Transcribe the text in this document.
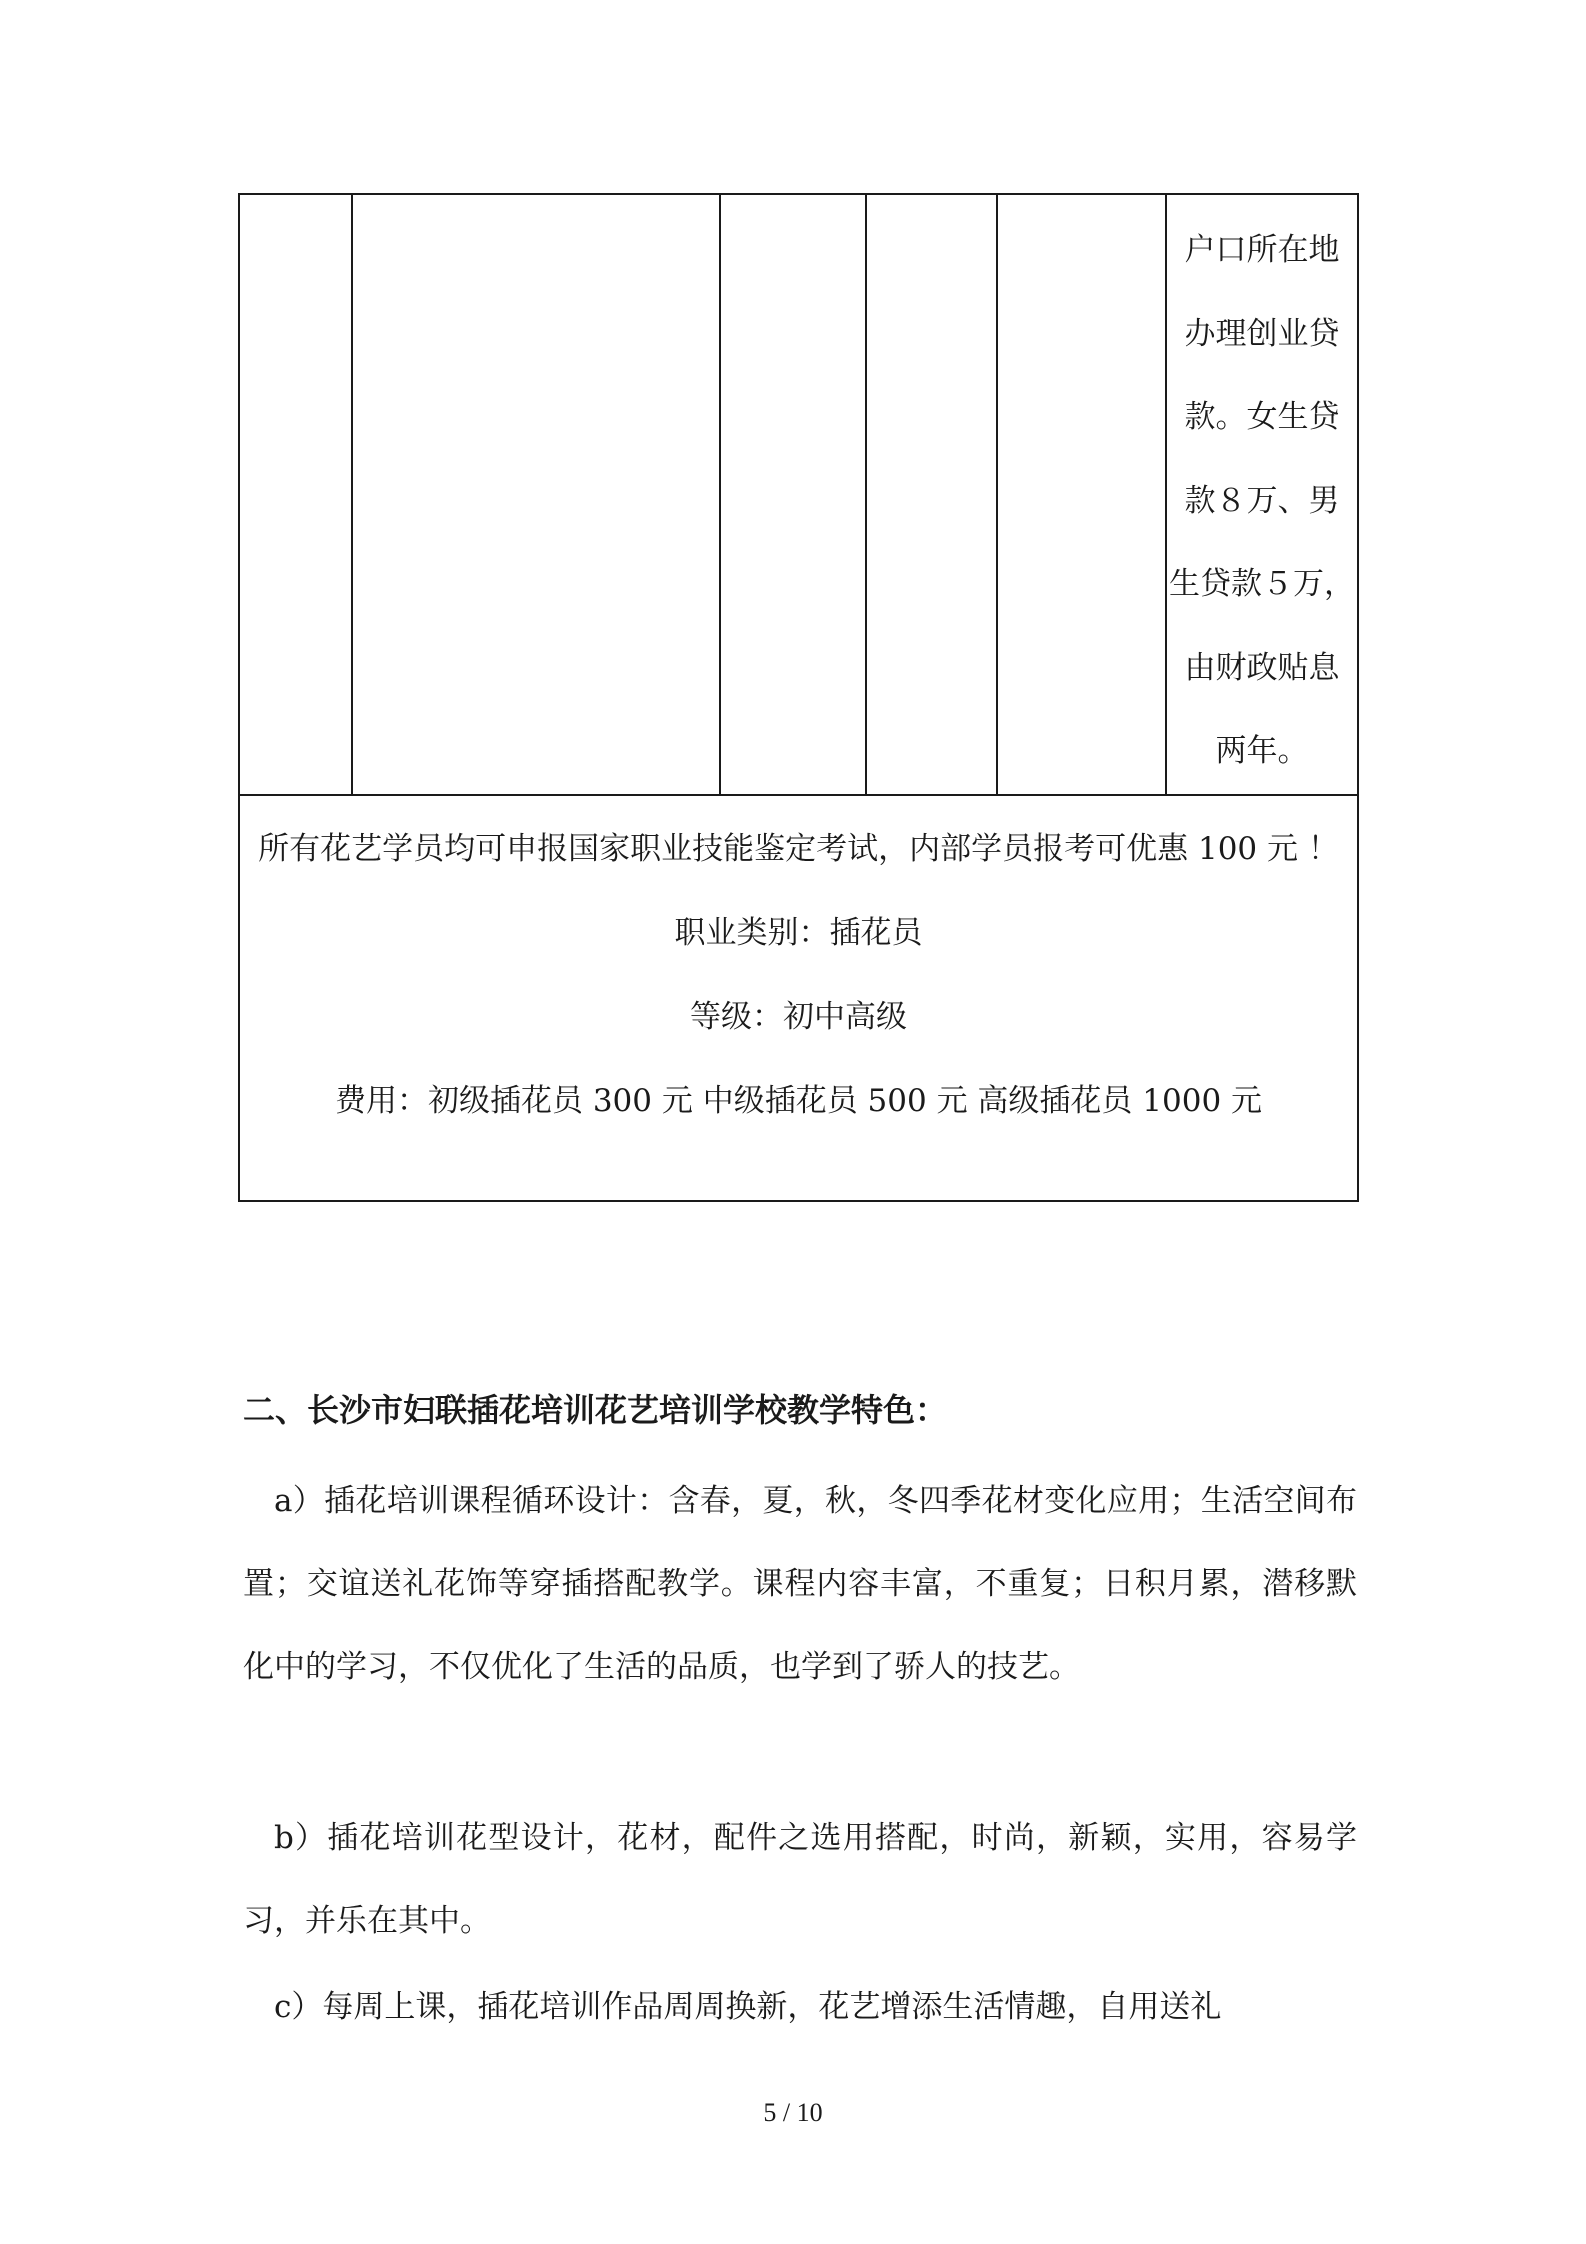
户口所在地
办理创业贷
款。女生贷
款８万、男
生贷款５万，
由财政贴息
两年。

所有花艺学员均可申报国家职业技能鉴定考试，内部学员报考可优惠 100 元 ！
职业类别：插花员
等级：初中高级
费用：初级插花员 300 元 中级插花员 500 元 高级插花员 1000 元
二、长沙市妇联插花培训花艺培训学校教学特色：
a）插花培训课程循环设计：含春，夏，秋，冬四季花材变化应用；生活空间布置；交谊送礼花饰等穿插搭配教学。课程内容丰富，不重复；日积月累，潜移默化中的学习，不仅优化了生活的品质，也学到了骄人的技艺。
b）插花培训花型设计，花材，配件之选用搭配，时尚，新颖，实用，容易学习，并乐在其中。
c）每周上课，插花培训作品周周换新，花艺增添生活情趣，自用送礼
5 / 10
